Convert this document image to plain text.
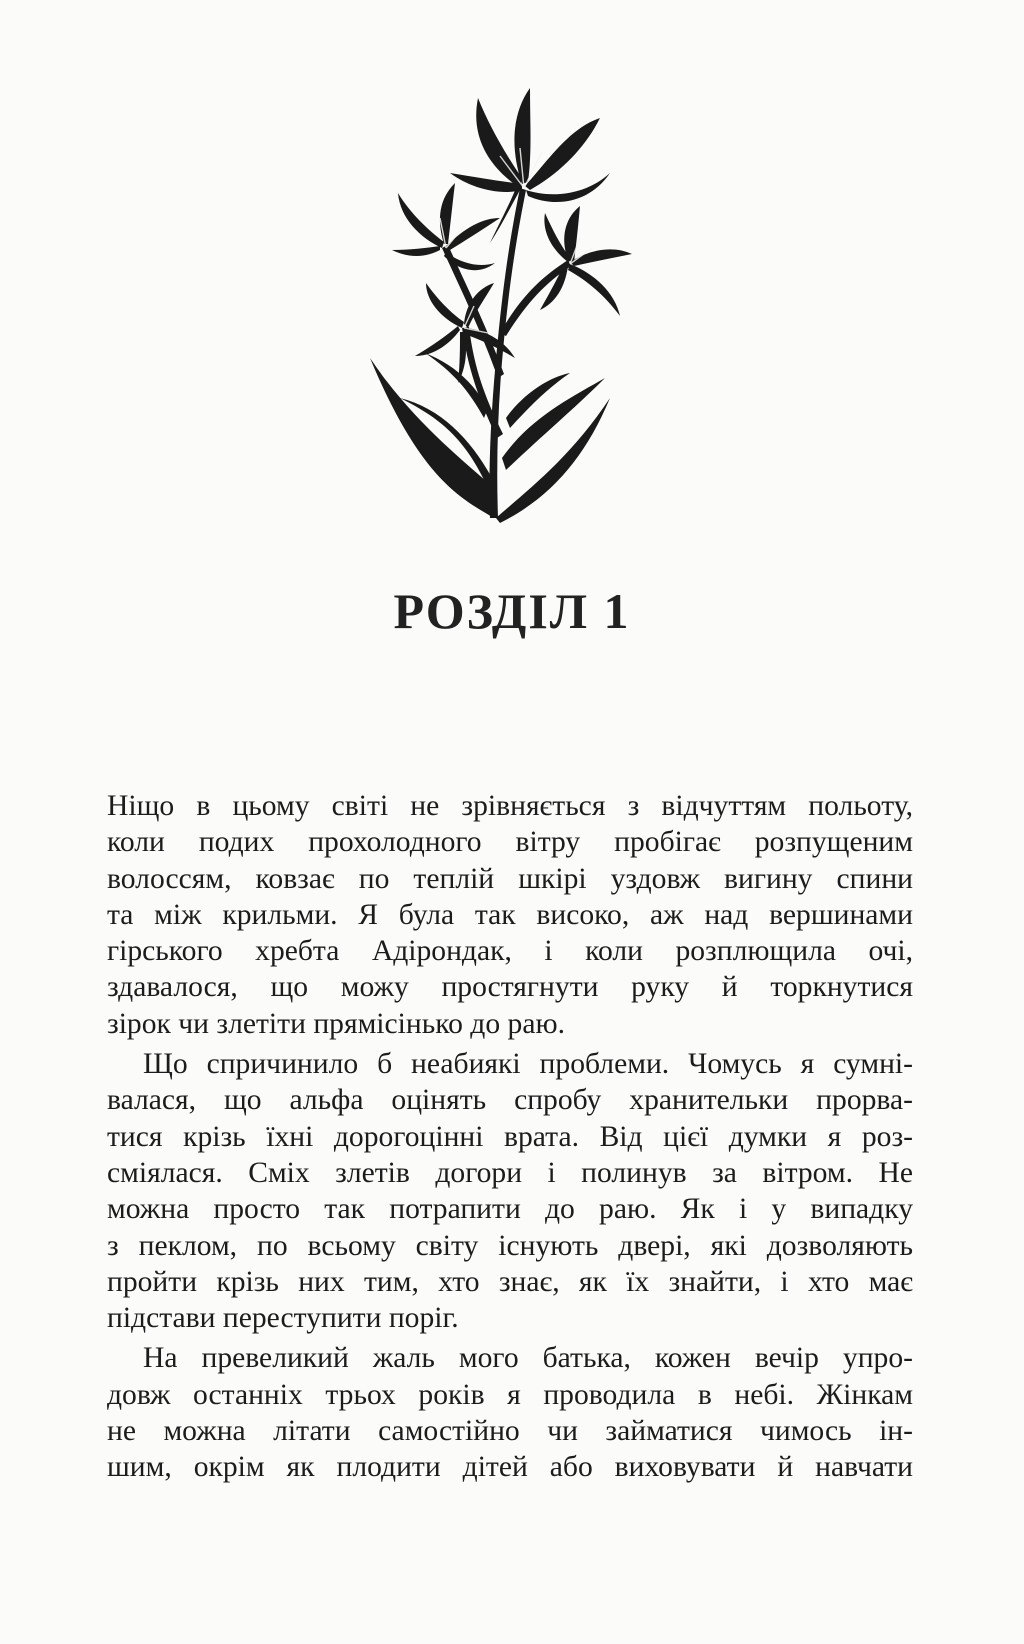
РОЗДІЛ 1

Ніщо в цьому світі не зрівняється з відчуттям польоту,
коли подих прохолодного вітру пробігає розпущеним
волоссям, ковзає по теплій шкірі уздовж вигину спини
та між крильми. Я була так високо, аж над вершинами
гірського хребта Адірондак, і коли розплющила очі,
здавалося, що можу простягнути руку й торкнутися
зірок чи злетіти прямісінько до раю.

Що спричинило б неабиякі проблеми. Чомусь я сумні-
валася, що альфа оцінять спробу хранительки прорва-
тися крізь їхні дорогоцінні врата. Від цієї думки я роз-
сміялася. Сміх злетів догори і полинув за вітром. Не
можна просто так потрапити до раю. Як і у випадку
з пеклом, по всьому світу існують двері, які дозволяють
пройти крізь них тим, хто знає, як їх знайти, і хто має
підстави переступити поріг.

На превеликий жаль мого батька, кожен вечір упро-
довж останніх трьох років я проводила в небі. Жінкам
не можна літати самостійно чи займатися чимось ін-
шим, окрім як плодити дітей або виховувати й навчати
